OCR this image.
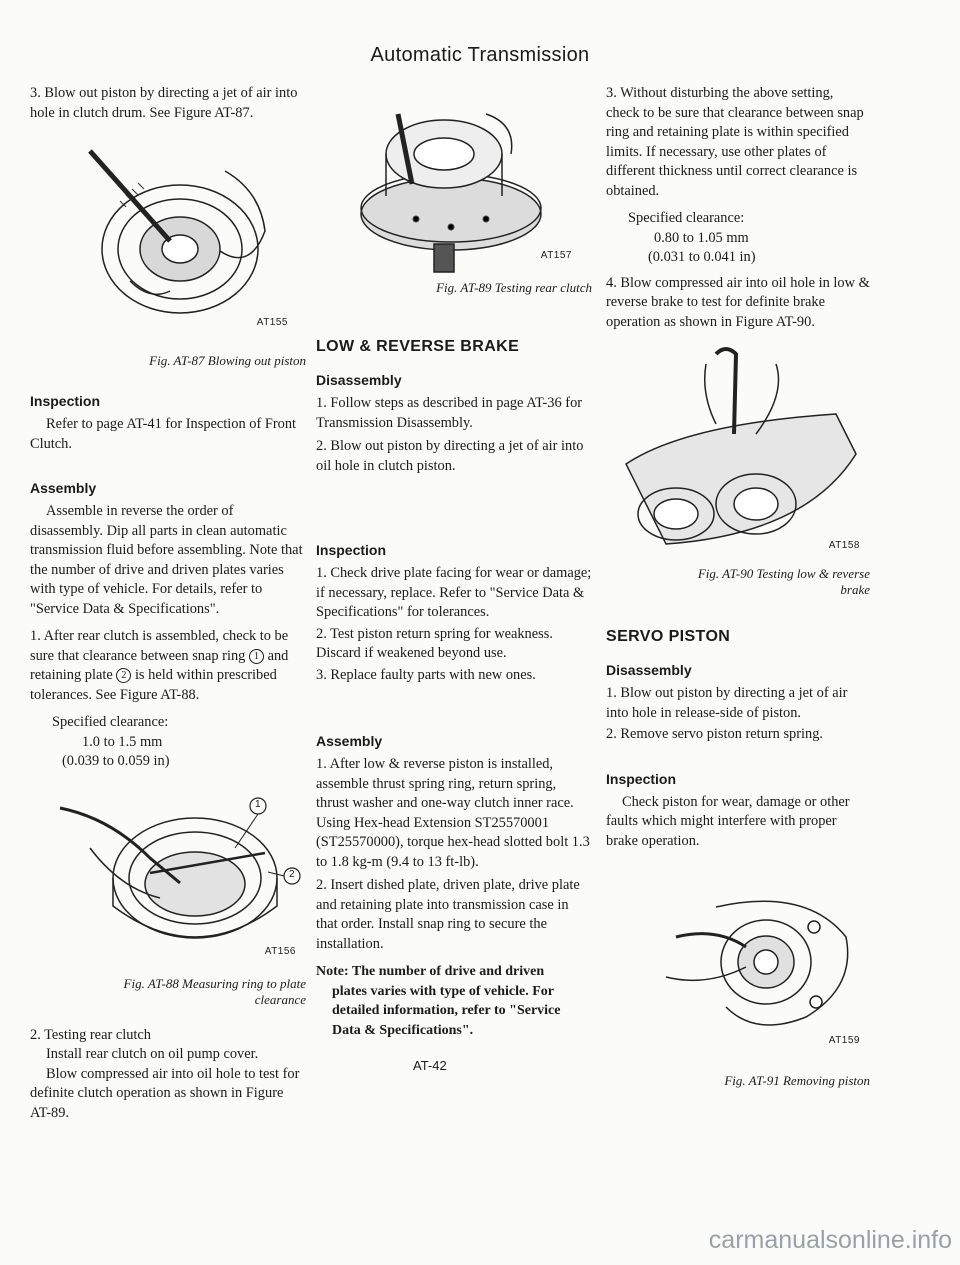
Automatic Transmission

3. Blow out piston by directing a jet of air into hole in clutch drum. See Figure AT-87.

AT155

Fig. AT-87 Blowing out piston

Inspection

Refer to page AT-41 for Inspection of Front Clutch.

Assembly

Assemble in reverse the order of disassembly. Dip all parts in clean automatic transmission fluid before assembling. Note that the number of drive and driven plates varies with type of vehicle. For details, refer to "Service Data & Specifications".

1. After rear clutch is assembled, check to be sure that clearance between snap ring 1 and retaining plate 2 is held within prescribed tolerances. See Figure AT-88.

Specified clearance:
1.0 to 1.5 mm
(0.039 to 0.059 in)
1
2
AT156

Fig. AT-88 Measuring ring to plate clearance

2. Testing rear clutch

Install rear clutch on oil pump cover.

Blow compressed air into oil hole to test for definite clutch operation as shown in Figure AT-89.

AT157

Fig. AT-89 Testing rear clutch

LOW & REVERSE BRAKE
Disassembly

1. Follow steps as described in page AT-36 for Transmission Disassembly.

2. Blow out piston by directing a jet of air into oil hole in clutch piston.

Inspection

1. Check drive plate facing for wear or damage; if necessary, replace. Refer to "Service Data & Specifications" for tolerances.

2. Test piston return spring for weakness. Discard if weakened beyond use.

3. Replace faulty parts with new ones.

Assembly

1. After low & reverse piston is installed, assemble thrust spring ring, return spring, thrust washer and one-way clutch inner race. Using Hex-head Extension ST25570001 (ST25570000), torque hex-head slotted bolt 1.3 to 1.8 kg-m (9.4 to 13 ft-lb).

2. Insert dished plate, driven plate, drive plate and retaining plate into transmission case in that order. Install snap ring to secure the installation.

Note: The number of drive and driven

plates varies with type of vehicle. For detailed information, refer to "Service Data & Specifications".

3. Without disturbing the above setting, check to be sure that clearance between snap ring and retaining plate is within specified limits. If necessary, use other plates of different thickness until correct clearance is obtained.

Specified clearance:
0.80 to 1.05 mm
(0.031 to 0.041 in)

4. Blow compressed air into oil hole in low & reverse brake to test for definite brake operation as shown in Figure AT-90.

AT158

Fig. AT-90 Testing low & reverse
brake

SERVO PISTON
Disassembly

1. Blow out piston by directing a jet of air into hole in release-side of piston.

2. Remove servo piston return spring.

Inspection

Check piston for wear, damage or other faults which might interfere with proper brake operation.

AT159

Fig. AT-91 Removing piston

AT-42
carmanualsonline.info
